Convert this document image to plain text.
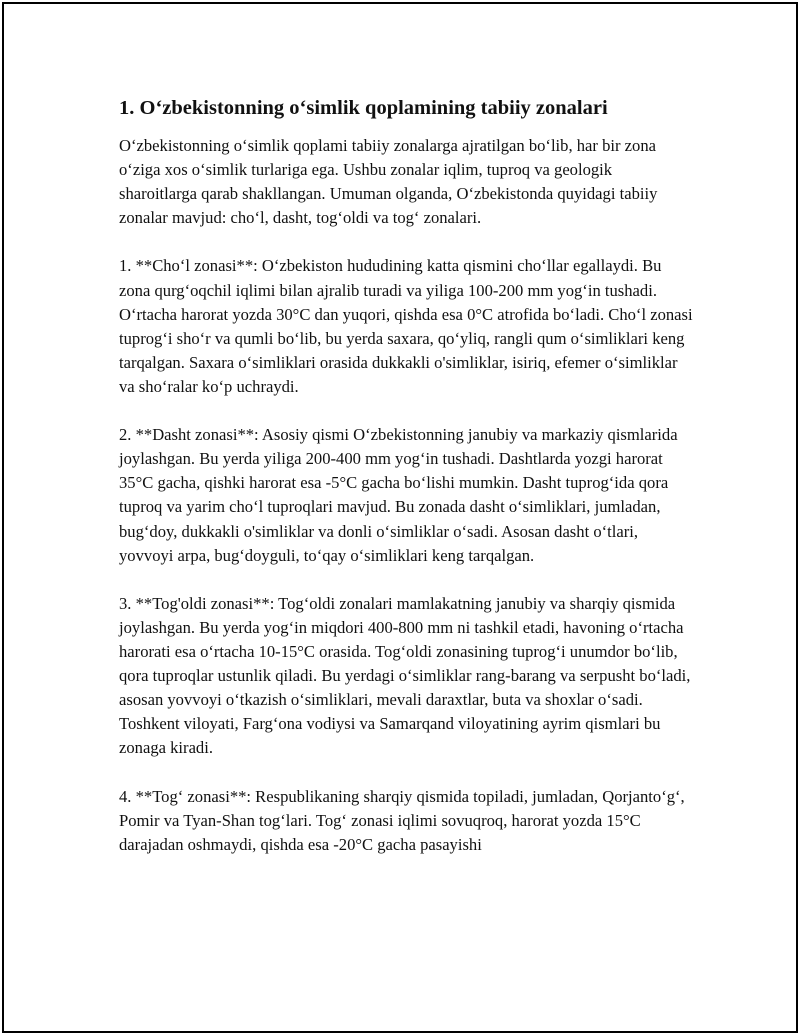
1. O‘zbekistonning o‘simlik qoplamining tabiiy zonalari

O‘zbekistonning o‘simlik qoplami tabiiy zonalarga ajratilgan bo‘lib, har bir zona o‘ziga xos o‘simlik turlariga ega. Ushbu zonalar iqlim, tuproq va geologik sharoitlarga qarab shakllangan. Umuman olganda, O‘zbekistonda quyidagi tabiiy zonalar mavjud: cho‘l, dasht, tog‘oldi va tog‘ zonalari.

1. **Cho‘l zonasi**: O‘zbekiston hududining katta qismini cho‘llar egallaydi. Bu zona qurg‘oqchil iqlimi bilan ajralib turadi va yiliga 100-200 mm yog‘in tushadi. O‘rtacha harorat yozda 30°C dan yuqori, qishda esa 0°C atrofida bo‘ladi. Cho‘l zonasi tuprog‘i sho‘r va qumli bo‘lib, bu yerda saxara, qo‘yliq, rangli qum o‘simliklari keng tarqalgan. Saxara o‘simliklari orasida dukkakli o'simliklar, isiriq, efemer o‘simliklar va sho‘ralar ko‘p uchraydi.

2. **Dasht zonasi**: Asosiy qismi O‘zbekistonning janubiy va markaziy qismlarida joylashgan. Bu yerda yiliga 200-400 mm yog‘in tushadi. Dashtlarda yozgi harorat 35°C gacha, qishki harorat esa -5°C gacha bo‘lishi mumkin. Dasht tuprog‘ida qora tuproq va yarim cho‘l tuproqlari mavjud. Bu zonada dasht o‘simliklari, jumladan, bug‘doy, dukkakli o'simliklar va donli o‘simliklar o‘sadi. Asosan dasht o‘tlari, yovvoyi arpa, bug‘doyguli, to‘qay o‘simliklari keng tarqalgan.

3. **Tog'oldi zonasi**: Tog‘oldi zonalari mamlakatning janubiy va sharqiy qismida joylashgan. Bu yerda yog‘in miqdori 400-800 mm ni tashkil etadi, havoning o‘rtacha harorati esa o‘rtacha 10-15°C orasida. Tog‘oldi zonasining tuprog‘i unumdor bo‘lib, qora tuproqlar ustunlik qiladi. Bu yerdagi o‘simliklar rang-barang va serpusht bo‘ladi, asosan yovvoyi o‘tkazish o‘simliklari, mevali daraxtlar, buta va shoxlar o‘sadi. Toshkent viloyati, Farg‘ona vodiysi va Samarqand viloyatining ayrim qismlari bu zonaga kiradi.

4. **Tog‘ zonasi**: Respublikaning sharqiy qismida topiladi, jumladan, Qorjanto‘g‘, Pomir va Tyan-Shan tog‘lari. Tog‘ zonasi iqlimi sovuqroq, harorat yozda 15°C darajadan oshmaydi, qishda esa -20°C gacha pasayishi
